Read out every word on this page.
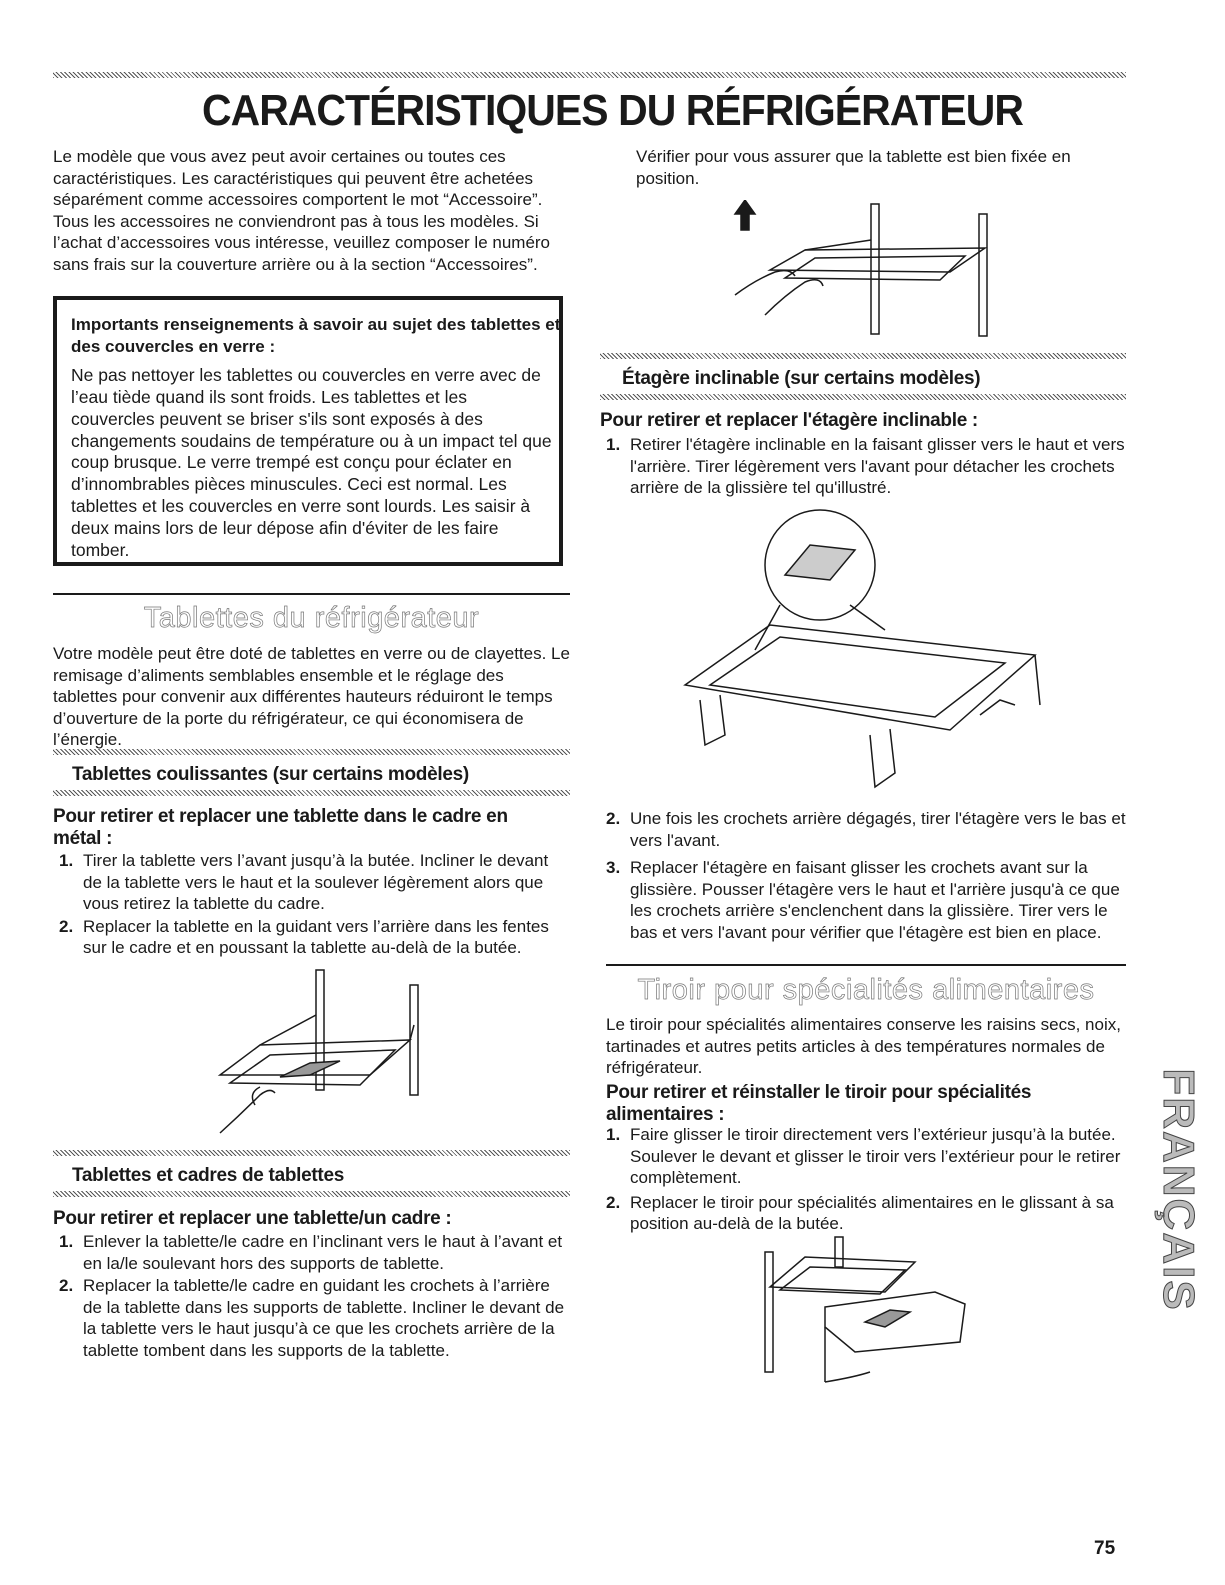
CARACTÉRISTIQUES DU RÉFRIGÉRATEUR

Le modèle que vous avez peut avoir certaines ou toutes ces caractéristiques. Les caractéristiques qui peuvent être achetées séparément comme accessoires comportent le mot “Accessoire”. Tous les accessoires ne conviendront pas à tous les modèles. Si l’achat d’accessoires vous intéresse, veuillez composer le numéro sans frais sur la couverture arrière ou à la section “Accessoires”.

Importants renseignements à savoir au sujet des tablettes et des couvercles en verre :
Ne pas nettoyer les tablettes ou couvercles en verre avec de l’eau tiède quand ils sont froids. Les tablettes et les couvercles peuvent se briser s'ils sont exposés à des changements soudains de température ou à un impact tel que coup brusque. Le verre trempé est conçu pour éclater en d’innombrables pièces minuscules. Ceci est normal. Les tablettes et les couvercles en verre sont lourds. Les saisir à deux mains lors de leur dépose afin d'éviter de les faire tomber.
Tablettes du réfrigérateur

Votre modèle peut être doté de tablettes en verre ou de clayettes. Le remisage d’aliments semblables ensemble et le réglage des tablettes pour convenir aux différentes hauteurs réduiront le temps d’ouverture de la porte du réfrigérateur, ce qui économisera de l’énergie.

Tablettes coulissantes (sur certains modèles)
Pour retirer et replacer une tablette dans le cadre en métal :
1. Tirer la tablette vers l’avant jusqu’à la butée. Incliner le devant de la tablette vers le haut et la soulever légèrement alors que vous retirez la tablette du cadre.
2. Replacer la tablette en la guidant vers l’arrière dans les fentes sur le cadre et en poussant la tablette au-delà de la butée.
Tablettes et cadres de tablettes
Pour retirer et replacer une tablette/un cadre :
1. Enlever la tablette/le cadre en l’inclinant vers le haut à l’avant et en la/le soulevant hors des supports de tablette.
2. Replacer la tablette/le cadre en guidant les crochets à l’arrière de la tablette dans les supports de tablette. Incliner le devant de la tablette vers le haut jusqu’à ce que les crochets arrière de la tablette tombent dans les supports de la tablette.

Vérifier pour vous assurer que la tablette est bien fixée en position.

Étagère inclinable (sur certains modèles)
Pour retirer et replacer l'étagère inclinable :
1. Retirer l'étagère inclinable en la faisant glisser vers le haut et vers l'arrière. Tirer légèrement vers l'avant pour détacher les crochets arrière de la glissière tel qu'illustré.
2. Une fois les crochets arrière dégagés, tirer l'étagère vers le bas et vers l'avant.
3. Replacer l'étagère en faisant glisser les crochets avant sur la glissière. Pousser l'étagère vers le haut et l'arrière jusqu'à ce que les crochets arrière s'enclenchent dans la glissière. Tirer vers le bas et vers l'avant pour vérifier que l'étagère est bien en place.
Tiroir pour spécialités alimentaires

Le tiroir pour spécialités alimentaires conserve les raisins secs, noix, tartinades et autres petits articles à des températures normales de réfrigérateur.

Pour retirer et réinstaller le tiroir pour spécialités alimentaires :
1. Faire glisser le tiroir directement vers l’extérieur jusqu’à la butée. Soulever le devant et glisser le tiroir vers l’extérieur pour le retirer complètement.
2. Replacer le tiroir pour spécialités alimentaires en le glissant à sa position au-delà de la butée.	FRANÇAIS
75
